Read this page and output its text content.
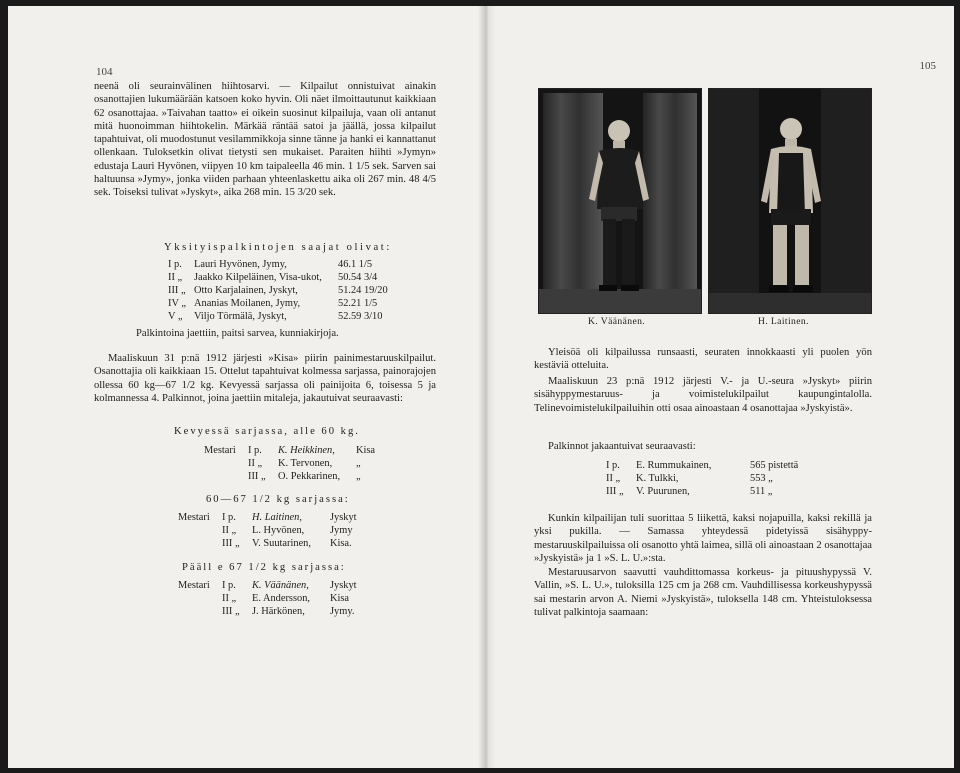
104

neenä oli seurainvälinen hiihtosarvi. — Kilpailut onnistuivat ainakin osanottajien lukumäärään katsoen koko hyvin. Oli näet ilmoittautunut kaikkiaan 62 osanottajaa. »Taivahan taatto» ei oikein suosinut kilpailuja, vaan oli antanut mitä huonoimman hiihtokelin. Märkää räntää satoi ja jäällä, jossa kilpailut tapahtuivat, oli muodostunut vesilammikkoja sinne tänne ja hanki ei kannattanut ollenkaan. Tuloksetkin olivat tietysti sen mukaiset. Paraiten hiihti »Jymyn» edustaja Lauri Hyvönen, viipyen 10 km taipaleella 46 min. 1 1/5 sek. Sarven sai haltuunsa »Jymy», jonka viiden parhaan yhteenlaskettu aika oli 267 min. 48 4/5 sek. Toiseksi tulivat »Jyskyt», aika 268 min. 15 3/20 sek.

Yksityispalkintojen saajat olivat:
I p.	Lauri Hyvönen, Jymy,	46.1 1/5
II „	Jaakko Kilpeläinen, Visa-ukot,	50.54 3/4
III „	Otto Karjalainen, Jyskyt,	51.24 19/20
IV „	Ananias Moilanen, Jymy,	52.21 1/5
V „	Viljo Törmälä, Jyskyt,	52.59 3/10

Palkintoina jaettiin, paitsi sarvea, kunniakirjoja.

Maaliskuun 31 p:nä 1912 järjesti »Kisa» piirin painimestaruuskilpailut. Osanottajia oli kaikkiaan 15. Ottelut tapahtuivat kolmessa sarjassa, painorajojen ollessa 60 kg—67 1/2 kg. Kevyessä sarjassa oli painijoita 6, toisessa 5 ja kolmannessa 4. Palkinnot, joina jaettiin mitaleja, jakautuivat seuraavasti:

Kevyessä sarjassa, alle 60 kg.
Mestari	I p.	K. Heikkinen,	Kisa
	II „	K. Tervonen,	„
	III „	O. Pekkarinen,	„
60—67 1/2 kg sarjassa:
Mestari	I p.	H. Laitinen,	Jyskyt
	II „	L. Hyvönen,	Jymy
	III „	V. Suutarinen,	Kisa.
Pääll e 67 1/2 kg sarjassa:
Mestari	I p.	K. Väänänen,	Jyskyt
	II „	E. Andersson,	Kisa
	III „	J. Härkönen,	Jymy.
105
K. Väänänen.	H. Laitinen.

Yleisöä oli kilpailussa runsaasti, seuraten innokkaasti yli puolen yön kestäviä otteluita.

Maaliskuun 23 p:nä 1912 järjesti V.- ja U.-seura »Jyskyt» piirin sisähyppymestaruus- ja voimistelukilpailut kaupungintalolla. Telinevoimistelukilpailuihin otti osaa ainoastaan 4 osanottajaa »Jyskyistä».

Palkinnot jakaantuivat seuraavasti:

I p.	E. Rummukainen,	565 pistettä
II „	K. Tulkki,	553 „
III „	V. Puurunen,	511 „

Kunkin kilpailijan tuli suorittaa 5 liikettä, kaksi nojapuilla, kaksi rekillä ja yksi pukilla. — Samassa yhteydessä pidetyissä sisähyppy-mestaruuskilpailuissa oli osanotto yhtä laimea, sillä oli ainoastaan 2 osanottajaa »Jyskyistä» ja 1 »S. L. U.»:sta.

Mestaruusarvon saavutti vauhdittomassa korkeus- ja pituushypyssä V. Vallin, »S. L. U.», tuloksilla 125 cm ja 268 cm. Vauhdillisessa korkeushypyssä sai mestarin arvon A. Niemi »Jyskyistä», tuloksella 148 cm. Yhteistuloksessa tulivat palkintoja saamaan:
